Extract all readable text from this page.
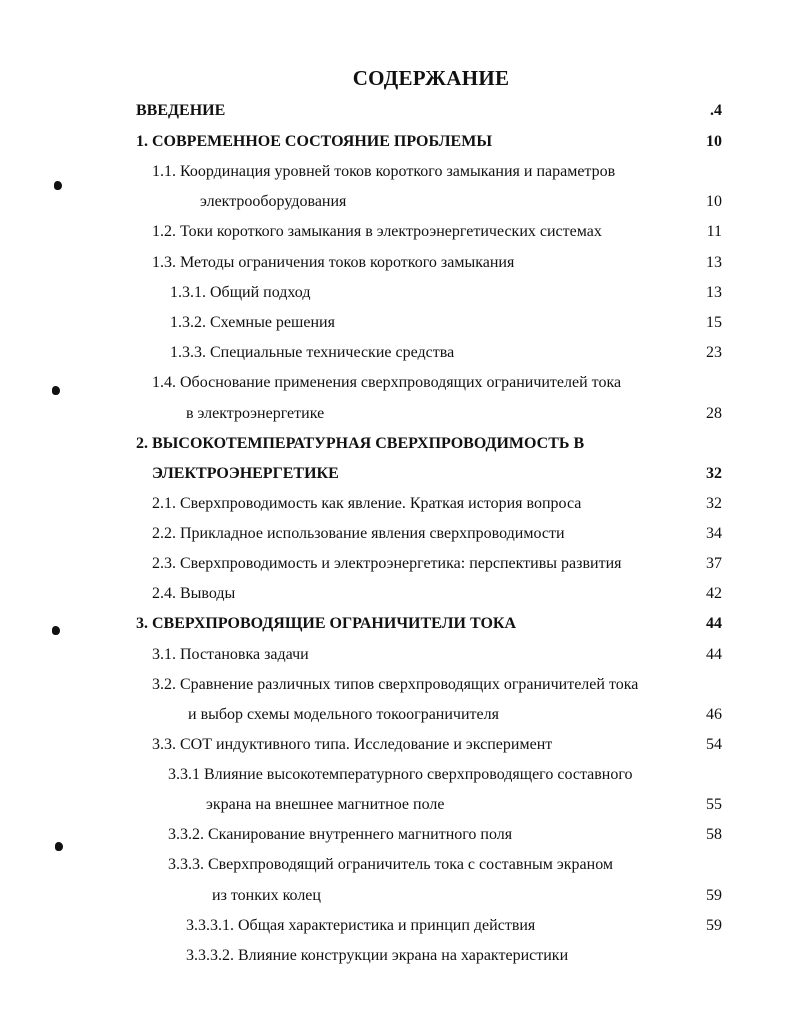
СОДЕРЖАНИЕ
ВВЕДЕНИЕ	.4
1. СОВРЕМЕННОЕ СОСТОЯНИЕ ПРОБЛЕМЫ	10
1.1. Координация уровней токов короткого замыкания и параметров
электрооборудования	10
1.2. Токи короткого замыкания в электроэнергетических системах	11
1.3. Методы ограничения токов короткого замыкания	13
1.3.1. Общий подход	13
1.3.2. Схемные решения	15
1.3.3. Специальные технические средства	23
1.4. Обоснование применения сверхпроводящих ограничителей тока
в электроэнергетике	28
2. ВЫСОКОТЕМПЕРАТУРНАЯ СВЕРХПРОВОДИМОСТЬ В
ЭЛЕКТРОЭНЕРГЕТИКЕ	32
2.1. Сверхпроводимость как явление. Краткая история вопроса	32
2.2. Прикладное использование явления сверхпроводимости	34
2.3. Сверхпроводимость и электроэнергетика: перспективы развития	37
2.4. Выводы	42
3. СВЕРХПРОВОДЯЩИЕ ОГРАНИЧИТЕЛИ ТОКА	44
3.1. Постановка задачи	44
3.2. Сравнение различных типов сверхпроводящих ограничителей тока
и выбор схемы модельного токоограничителя	46
3.3. СОТ индуктивного типа. Исследование и эксперимент	54
3.3.1 Влияние высокотемпературного сверхпроводящего составного
экрана на внешнее магнитное поле	55
3.3.2. Сканирование внутреннего магнитного поля	58
3.3.3. Сверхпроводящий ограничитель тока с составным экраном
из тонких колец	59
3.3.3.1. Общая характеристика и принцип действия	59
3.3.3.2. Влияние конструкции экрана на характеристики
